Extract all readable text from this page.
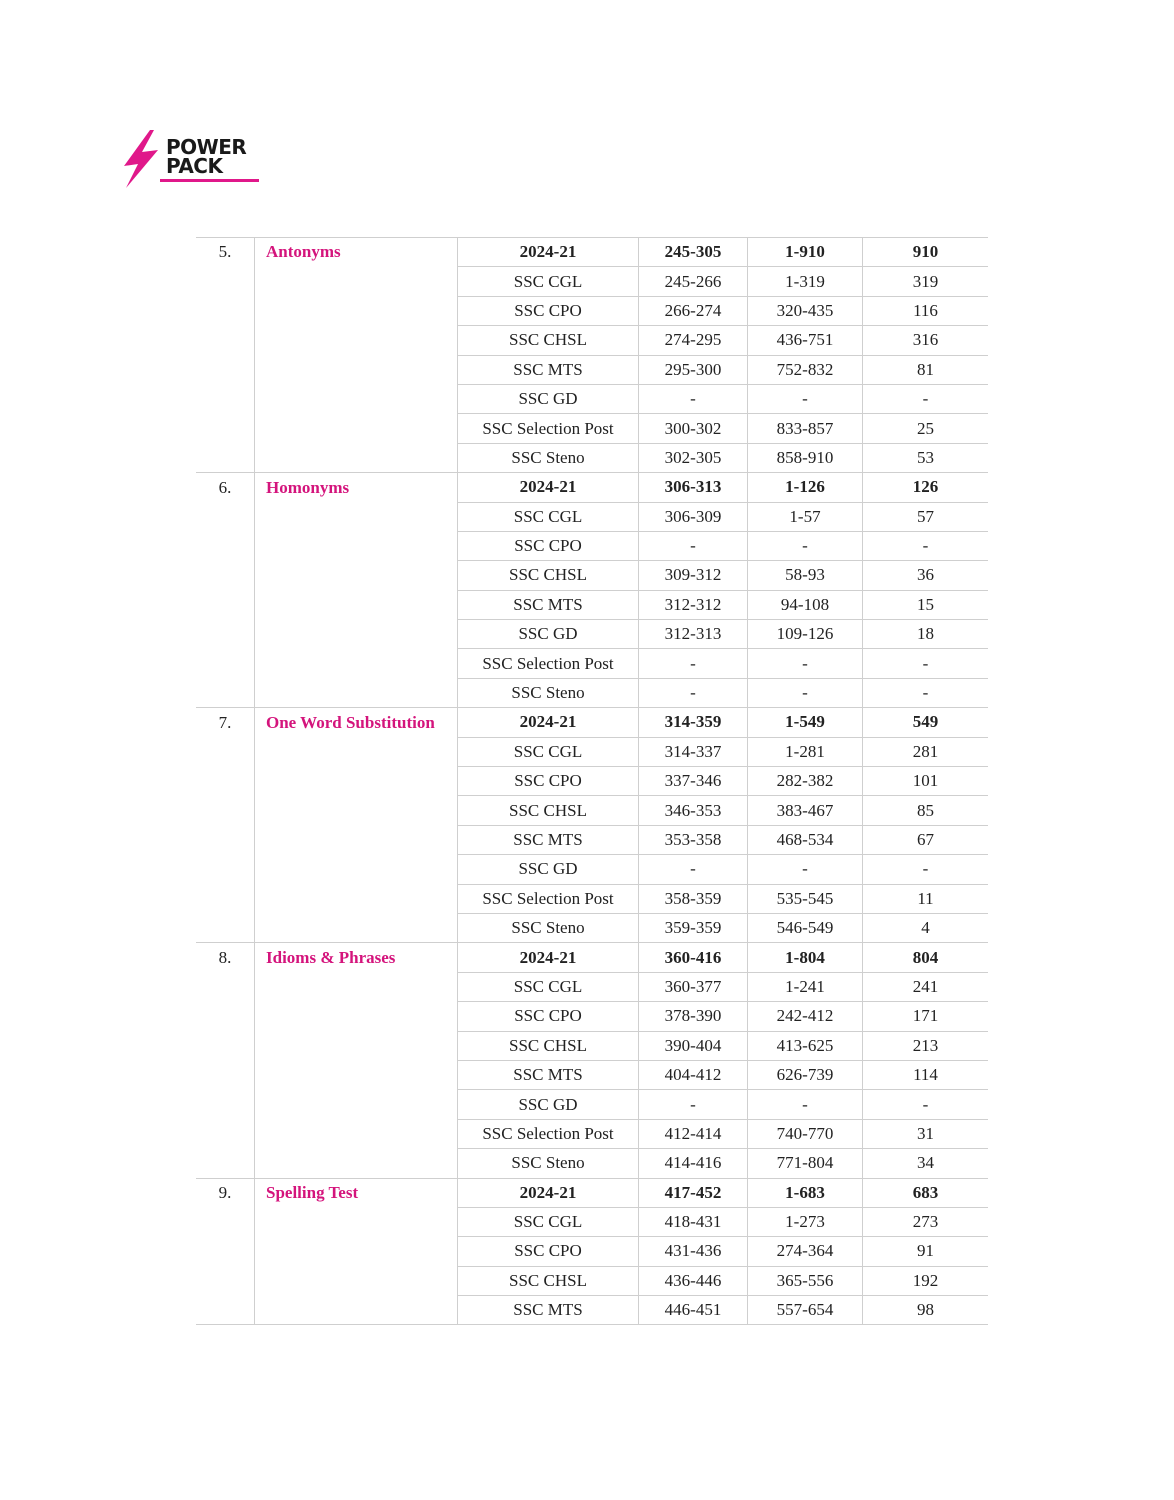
POWER
PACK
5.	Antonyms	2024-21	245-305	1-910	910
		SSC CGL	245-266	1-319	319
		SSC CPO	266-274	320-435	116
		SSC CHSL	274-295	436-751	316
		SSC MTS	295-300	752-832	81
		SSC GD	-	-	-
		SSC Selection Post	300-302	833-857	25
		SSC Steno	302-305	858-910	53
6.	Homonyms	2024-21	306-313	1-126	126
		SSC CGL	306-309	1-57	57
		SSC CPO	-	-	-
		SSC CHSL	309-312	58-93	36
		SSC MTS	312-312	94-108	15
		SSC GD	312-313	109-126	18
		SSC Selection Post	-	-	-
		SSC Steno	-	-	-
7.	One Word Substitution	2024-21	314-359	1-549	549
		SSC CGL	314-337	1-281	281
		SSC CPO	337-346	282-382	101
		SSC CHSL	346-353	383-467	85
		SSC MTS	353-358	468-534	67
		SSC GD	-	-	-
		SSC Selection Post	358-359	535-545	11
		SSC Steno	359-359	546-549	4
8.	Idioms & Phrases	2024-21	360-416	1-804	804
		SSC CGL	360-377	1-241	241
		SSC CPO	378-390	242-412	171
		SSC CHSL	390-404	413-625	213
		SSC MTS	404-412	626-739	114
		SSC GD	-	-	-
		SSC Selection Post	412-414	740-770	31
		SSC Steno	414-416	771-804	34
9.	Spelling Test	2024-21	417-452	1-683	683
		SSC CGL	418-431	1-273	273
		SSC CPO	431-436	274-364	91
		SSC CHSL	436-446	365-556	192
		SSC MTS	446-451	557-654	98
